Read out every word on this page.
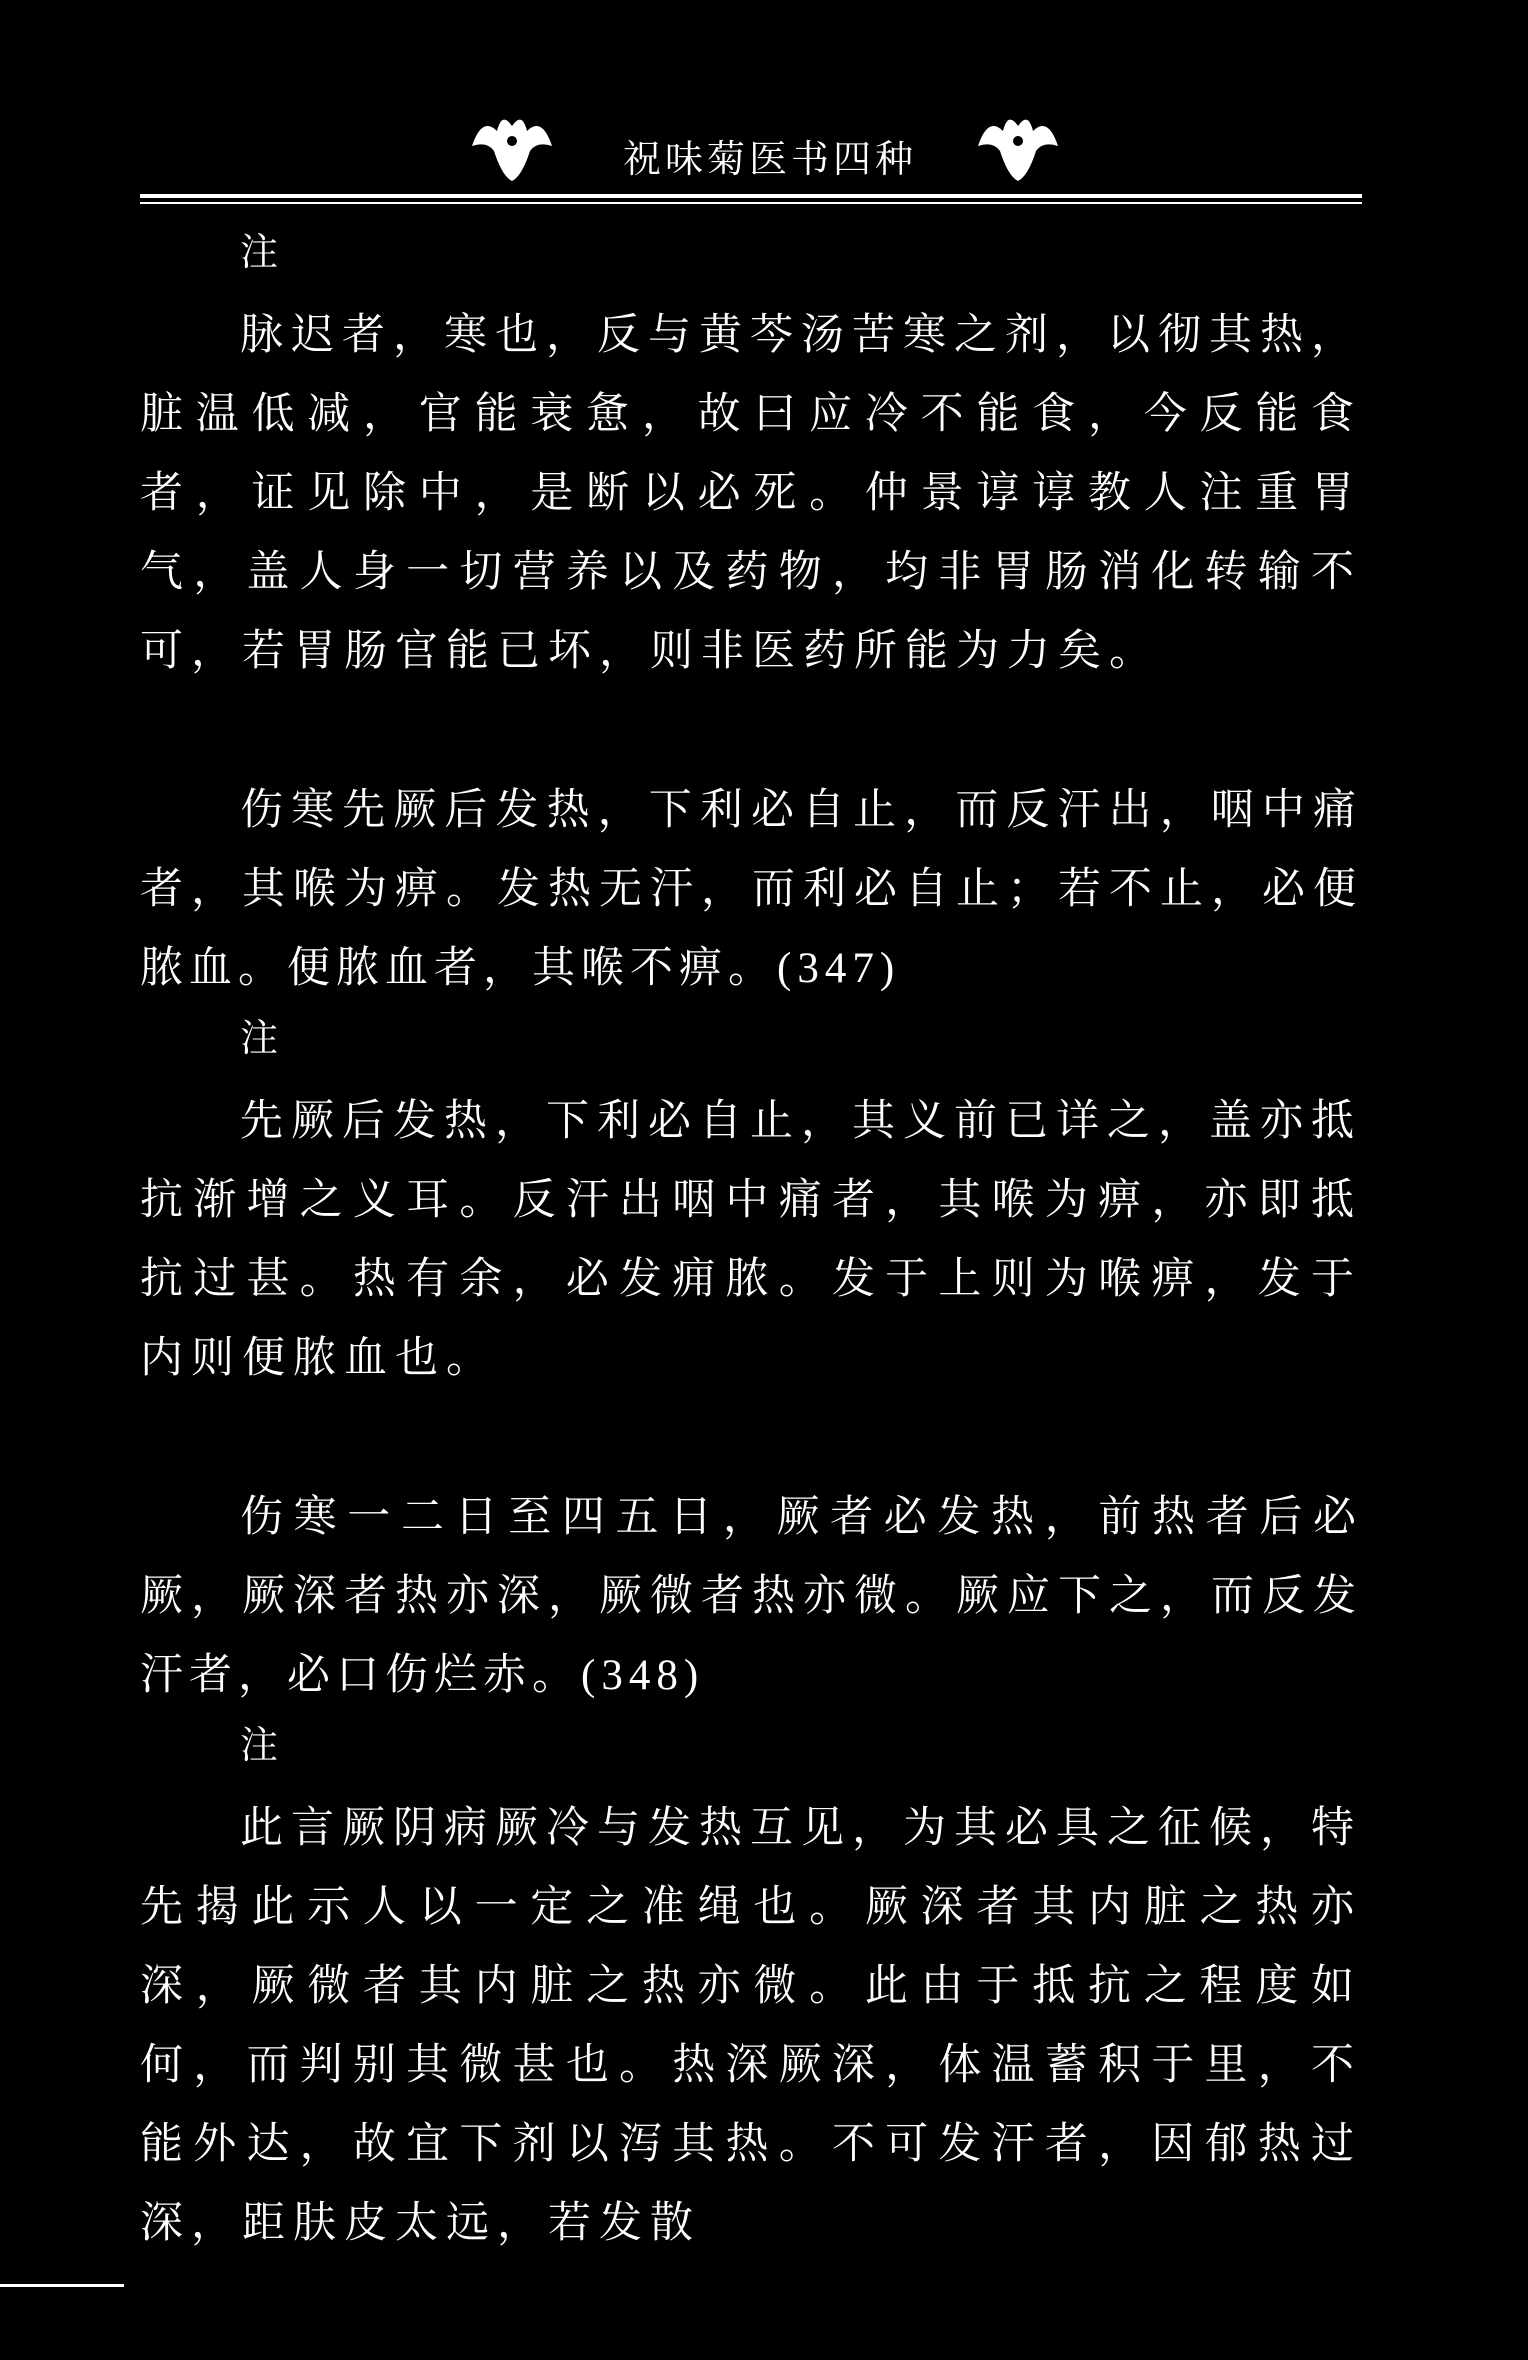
祝味菊医书四种
注

脉迟者，寒也，反与黄芩汤苦寒之剂，以彻其热，脏温低减，官能衰惫，故曰应冷不能食，今反能食者，证见除中，是断以必死。仲景谆谆教人注重胃气，盖人身一切营养以及药物，均非胃肠消化转输不可，若胃肠官能已坏，则非医药所能为力矣。

伤寒先厥后发热，下利必自止，而反汗出，咽中痛者，其喉为痹。发热无汗，而利必自止；若不止，必便脓血。便脓血者，其喉不痹。(347)

注

先厥后发热，下利必自止，其义前已详之，盖亦抵抗渐增之义耳。反汗出咽中痛者，其喉为痹，亦即抵抗过甚。热有余，必发痈脓。发于上则为喉痹，发于内则便脓血也。

伤寒一二日至四五日，厥者必发热，前热者后必厥，厥深者热亦深，厥微者热亦微。厥应下之，而反发汗者，必口伤烂赤。(348)

注

此言厥阴病厥冷与发热互见，为其必具之征候，特先揭此示人以一定之准绳也。厥深者其内脏之热亦深，厥微者其内脏之热亦微。此由于抵抗之程度如何，而判别其微甚也。热深厥深，体温蓄积于里，不能外达，故宜下剂以泻其热。不可发汗者，因郁热过深，距肤皮太远，若发散
